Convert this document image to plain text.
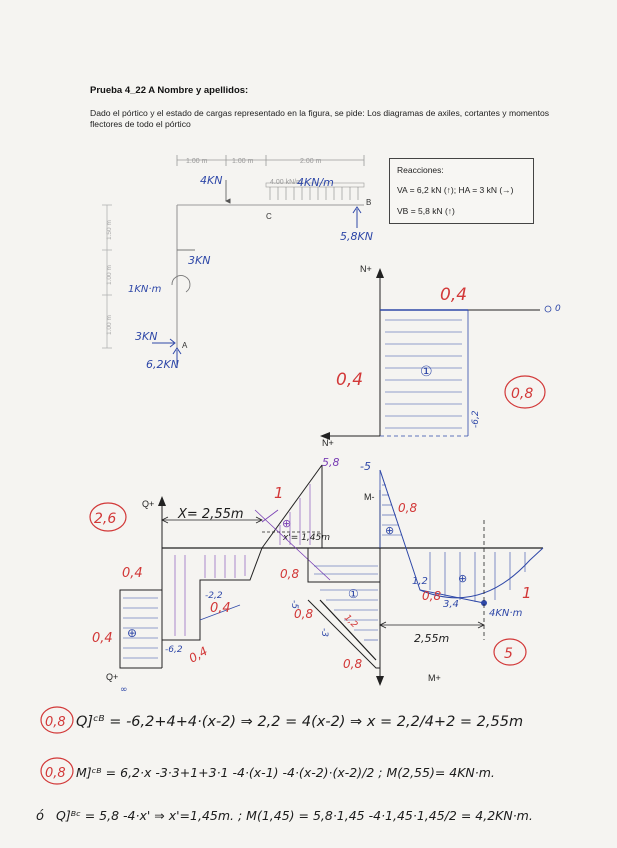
Prueba 4_22 A Nombre y apellidos:
Dado el pórtico y el estado de cargas representado en la figura, se pide: Los diagramas de axiles, cortantes y momentos flectores de todo el pórtico
Reacciones:
VA = 6,2 kN (↑); HA = 3 kN (→)
VB = 5,8 kN (↑)
1.00 m	1.00 m	2.00 m
1.50 m
1.00 m
1.00 m
4KN	4.00 kN/m
4KN/m
C
B
5,8KN
3KN
1KN·m
3KN
A
6,2KN
N+
0
N+
0,4
0,4
-6,2
①
0,8
2,6
Q+
Q+
∞
0,4
0,4
-2,2
0,4
-6,2 0,4
⊕
X= 2,55m
x'= 1,45m
5,8
1
⊕
0,8
0,8
0,8
-5
-3
1,2
①
M-
M+
-5
0,8
⊕
1,2
0,8
3,4
4KN·m
⊕
1
2,55m
5
0,8 Q]ᶜᴮ = -6,2+4+4·(x-2) ⇒ 2,2 = 4(x-2) ⇒ x = 2,2/4+2 = 2,55m
0,8 M]ᶜᴮ = 6,2·x -3·3+1+3·1 -4·(x-1) -4·(x-2)·(x-2)/2 ; M(2,55)= 4KN·m.
ó Q]ᴮᶜ = 5,8 -4·x' ⇒ x'=1,45m. ; M(1,45) = 5,8·1,45 -4·1,45·1,45/2 = 4,2KN·m.
